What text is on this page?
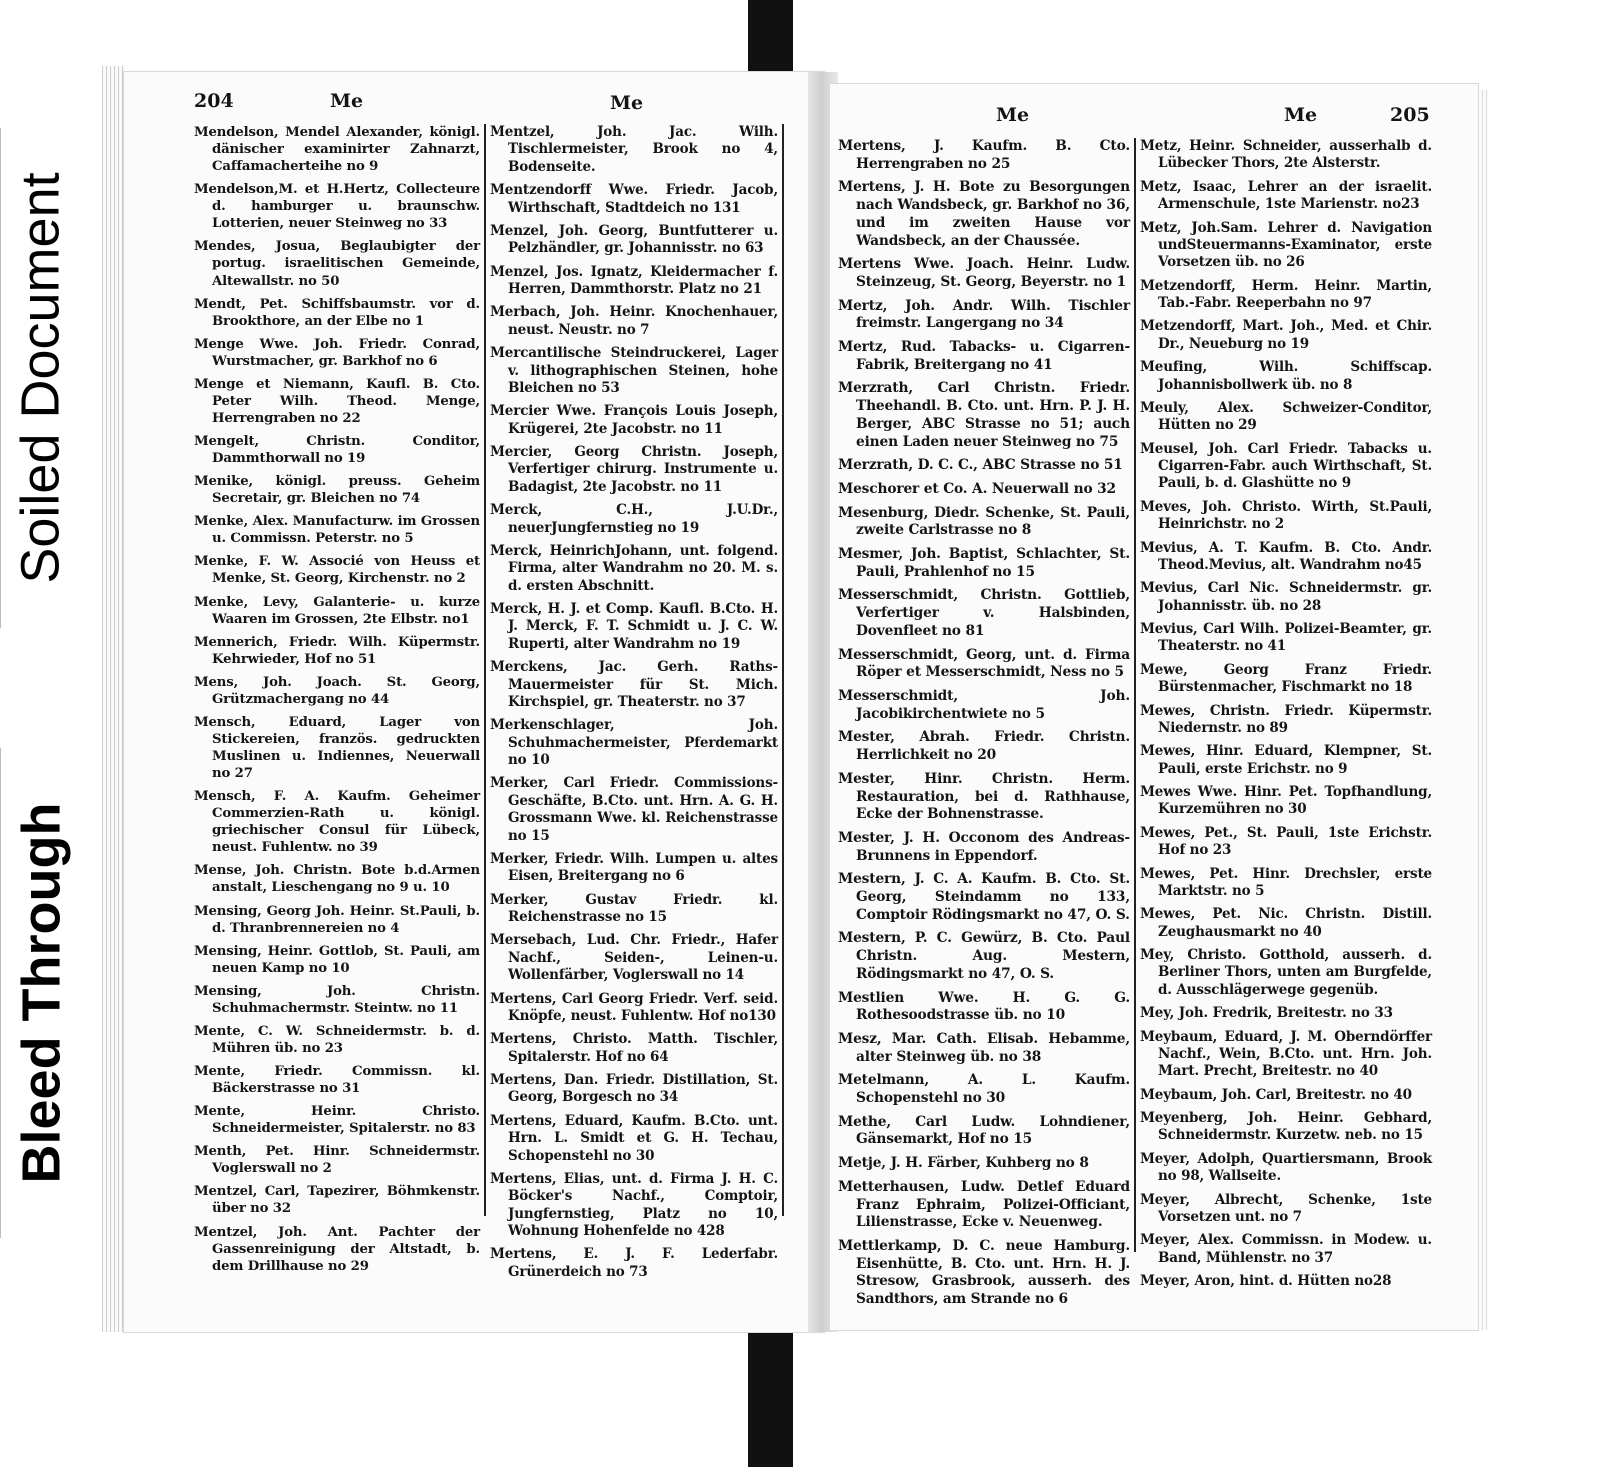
Soiled Document
Bleed Through
204	Me	Me

Mendelson, Mendel Alexander, königl. dänischer examinirter Zahnarzt, Caffamacherteihe no 9

Mendelson,M. et H.Hertz, Collecteure d. hamburger u. braunschw. Lotterien, neuer Steinweg no 33

Mendes, Josua, Beglaubigter der portug. israelitischen Gemeinde, Altewallstr. no 50

Mendt, Pet. Schiffsbaumstr. vor d. Brookthore, an der Elbe no 1

Menge Wwe. Joh. Friedr. Conrad, Wurstmacher, gr. Barkhof no 6

Menge et Niemann, Kaufl. B. Cto. Peter Wilh. Theod. Menge, Herrengraben no 22

Mengelt, Christn. Conditor, Dammthorwall no 19

Menike, königl. preuss. Geheim Secretair, gr. Bleichen no 74

Menke, Alex. Manufacturw. im Grossen u. Commissn. Peterstr. no 5

Menke, F. W. Associé von Heuss et Menke, St. Georg, Kirchenstr. no 2

Menke, Levy, Galanterie- u. kurze Waaren im Grossen, 2te Elbstr. no1

Mennerich, Friedr. Wilh. Küpermstr. Kehrwieder, Hof no 51

Mens, Joh. Joach. St. Georg, Grützmachergang no 44

Mensch, Eduard, Lager von Stickereien, französ. gedruckten Muslinen u. Indiennes, Neuerwall no 27

Mensch, F. A. Kaufm. Geheimer Commerzien-Rath u. königl. griechischer Consul für Lübeck, neust. Fuhlentw. no 39

Mense, Joh. Christn. Bote b.d.Armen anstalt, Lieschengang no 9 u. 10

Mensing, Georg Joh. Heinr. St.Pauli, b. d. Thranbrennereien no 4

Mensing, Heinr. Gottlob, St. Pauli, am neuen Kamp no 10

Mensing, Joh. Christn. Schuhmachermstr. Steintw. no 11

Mente, C. W. Schneidermstr. b. d. Mühren üb. no 23

Mente, Friedr. Commissn. kl. Bäckerstrasse no 31

Mente, Heinr. Christo. Schneidermeister, Spitalerstr. no 83

Menth, Pet. Hinr. Schneidermstr. Voglerswall no 2

Mentzel, Carl, Tapezirer, Böhmkenstr. über no 32

Mentzel, Joh. Ant. Pachter der Gassenreinigung der Altstadt, b. dem Drillhause no 29

Mentzel, Joh. Jac. Wilh. Tischlermeister, Brook no 4, Bodenseite.

Mentzendorff Wwe. Friedr. Jacob, Wirthschaft, Stadtdeich no 131

Menzel, Joh. Georg, Buntfutterer u. Pelzhändler, gr. Johannisstr. no 63

Menzel, Jos. Ignatz, Kleidermacher f. Herren, Dammthorstr. Platz no 21

Merbach, Joh. Heinr. Knochenhauer, neust. Neustr. no 7

Mercantilische Steindruckerei, Lager v. lithographischen Steinen, hohe Bleichen no 53

Mercier Wwe. François Louis Joseph, Krügerei, 2te Jacobstr. no 11

Mercier, Georg Christn. Joseph, Verfertiger chirurg. Instrumente u. Badagist, 2te Jacobstr. no 11

Merck, C.H., J.U.Dr., neuerJungfernstieg no 19

Merck, HeinrichJohann, unt. folgend. Firma, alter Wandrahm no 20. M. s. d. ersten Abschnitt.

Merck, H. J. et Comp. Kaufl. B.Cto. H. J. Merck, F. T. Schmidt u. J. C. W. Ruperti, alter Wandrahm no 19

Merckens, Jac. Gerh. Raths-Mauermeister für St. Mich. Kirchspiel, gr. Theaterstr. no 37

Merkenschlager, Joh. Schuhmachermeister, Pferdemarkt no 10

Merker, Carl Friedr. Commissions-Geschäfte, B.Cto. unt. Hrn. A. G. H. Grossmann Wwe. kl. Reichenstrasse no 15

Merker, Friedr. Wilh. Lumpen u. altes Eisen, Breitergang no 6

Merker, Gustav Friedr. kl. Reichenstrasse no 15

Mersebach, Lud. Chr. Friedr., Hafer Nachf., Seiden-, Leinen-u. Wollenfärber, Voglerswall no 14

Mertens, Carl Georg Friedr. Verf. seid. Knöpfe, neust. Fuhlentw. Hof no130

Mertens, Christo. Matth. Tischler, Spitalerstr. Hof no 64

Mertens, Dan. Friedr. Distillation, St. Georg, Borgesch no 34

Mertens, Eduard, Kaufm. B.Cto. unt. Hrn. L. Smidt et G. H. Techau, Schopenstehl no 30

Mertens, Elias, unt. d. Firma J. H. C. Böcker's Nachf., Comptoir, Jungfernstieg, Platz no 10, Wohnung Hohenfelde no 428

Mertens, E. J. F. Lederfabr. Grünerdeich no 73

Me	Me	205

Mertens, J. Kaufm. B. Cto. Herrengraben no 25

Mertens, J. H. Bote zu Besorgungen nach Wandsbeck, gr. Barkhof no 36, und im zweiten Hause vor Wandsbeck, an der Chaussée.

Mertens Wwe. Joach. Heinr. Ludw. Steinzeug, St. Georg, Beyerstr. no 1

Mertz, Joh. Andr. Wilh. Tischler freimstr. Langergang no 34

Mertz, Rud. Tabacks- u. Cigarren-Fabrik, Breitergang no 41

Merzrath, Carl Christn. Friedr. Theehandl. B. Cto. unt. Hrn. P. J. H. Berger, ABC Strasse no 51; auch einen Laden neuer Steinweg no 75

Merzrath, D. C. C., ABC Strasse no 51

Meschorer et Co. A. Neuerwall no 32

Mesenburg, Diedr. Schenke, St. Pauli, zweite Carlstrasse no 8

Mesmer, Joh. Baptist, Schlachter, St. Pauli, Prahlenhof no 15

Messerschmidt, Christn. Gottlieb, Verfertiger v. Halsbinden, Dovenfleet no 81

Messerschmidt, Georg, unt. d. Firma Röper et Messerschmidt, Ness no 5

Messerschmidt, Joh. Jacobikirchentwiete no 5

Mester, Abrah. Friedr. Christn. Herrlichkeit no 20

Mester, Hinr. Christn. Herm. Restauration, bei d. Rathhause, Ecke der Bohnenstrasse.

Mester, J. H. Occonom des Andreas-Brunnens in Eppendorf.

Mestern, J. C. A. Kaufm. B. Cto. St. Georg, Steindamm no 133, Comptoir Rödingsmarkt no 47, O. S.

Mestern, P. C. Gewürz, B. Cto. Paul Christn. Aug. Mestern, Rödingsmarkt no 47, O. S.

Mestlien Wwe. H. G. G. Rothesoodstrasse üb. no 10

Mesz, Mar. Cath. Elisab. Hebamme, alter Steinweg üb. no 38

Metelmann, A. L. Kaufm. Schopenstehl no 30

Methe, Carl Ludw. Lohndiener, Gänsemarkt, Hof no 15

Metje, J. H. Färber, Kuhberg no 8

Metterhausen, Ludw. Detlef Eduard Franz Ephraim, Polizei-Officiant, Lilienstrasse, Ecke v. Neuenweg.

Mettlerkamp, D. C. neue Hamburg. Eisenhütte, B. Cto. unt. Hrn. H. J. Stresow, Grasbrook, ausserh. des Sandthors, am Strande no 6

Metz, Heinr. Schneider, ausserhalb d. Lübecker Thors, 2te Alsterstr.

Metz, Isaac, Lehrer an der israelit. Armenschule, 1ste Marienstr. no23

Metz, Joh.Sam. Lehrer d. Navigation undSteuermanns-Examinator, erste Vorsetzen üb. no 26

Metzendorff, Herm. Heinr. Martin, Tab.-Fabr. Reeperbahn no 97

Metzendorff, Mart. Joh., Med. et Chir. Dr., Neueburg no 19

Meufing, Wilh. Schiffscap. Johannisbollwerk üb. no 8

Meuly, Alex. Schweizer-Conditor, Hütten no 29

Meusel, Joh. Carl Friedr. Tabacks u. Cigarren-Fabr. auch Wirthschaft, St. Pauli, b. d. Glashütte no 9

Meves, Joh. Christo. Wirth, St.Pauli, Heinrichstr. no 2

Mevius, A. T. Kaufm. B. Cto. Andr. Theod.Mevius, alt. Wandrahm no45

Mevius, Carl Nic. Schneidermstr. gr. Johannisstr. üb. no 28

Mevius, Carl Wilh. Polizei-Beamter, gr. Theaterstr. no 41

Mewe, Georg Franz Friedr. Bürstenmacher, Fischmarkt no 18

Mewes, Christn. Friedr. Küpermstr. Niedernstr. no 89

Mewes, Hinr. Eduard, Klempner, St. Pauli, erste Erichstr. no 9

Mewes Wwe. Hinr. Pet. Topfhandlung, Kurzemühren no 30

Mewes, Pet., St. Pauli, 1ste Erichstr. Hof no 23

Mewes, Pet. Hinr. Drechsler, erste Marktstr. no 5

Mewes, Pet. Nic. Christn. Distill. Zeughausmarkt no 40

Mey, Christo. Gotthold, ausserh. d. Berliner Thors, unten am Burgfelde, d. Ausschlägerwege gegenüb.

Mey, Joh. Fredrik, Breitestr. no 33

Meybaum, Eduard, J. M. Oberndörffer Nachf., Wein, B.Cto. unt. Hrn. Joh. Mart. Precht, Breitestr. no 40

Meybaum, Joh. Carl, Breitestr. no 40

Meyenberg, Joh. Heinr. Gebhard, Schneidermstr. Kurzetw. neb. no 15

Meyer, Adolph, Quartiersmann, Brook no 98, Wallseite.

Meyer, Albrecht, Schenke, 1ste Vorsetzen unt. no 7

Meyer, Alex. Commissn. in Modew. u. Band, Mühlenstr. no 37

Meyer, Aron, hint. d. Hütten no28
